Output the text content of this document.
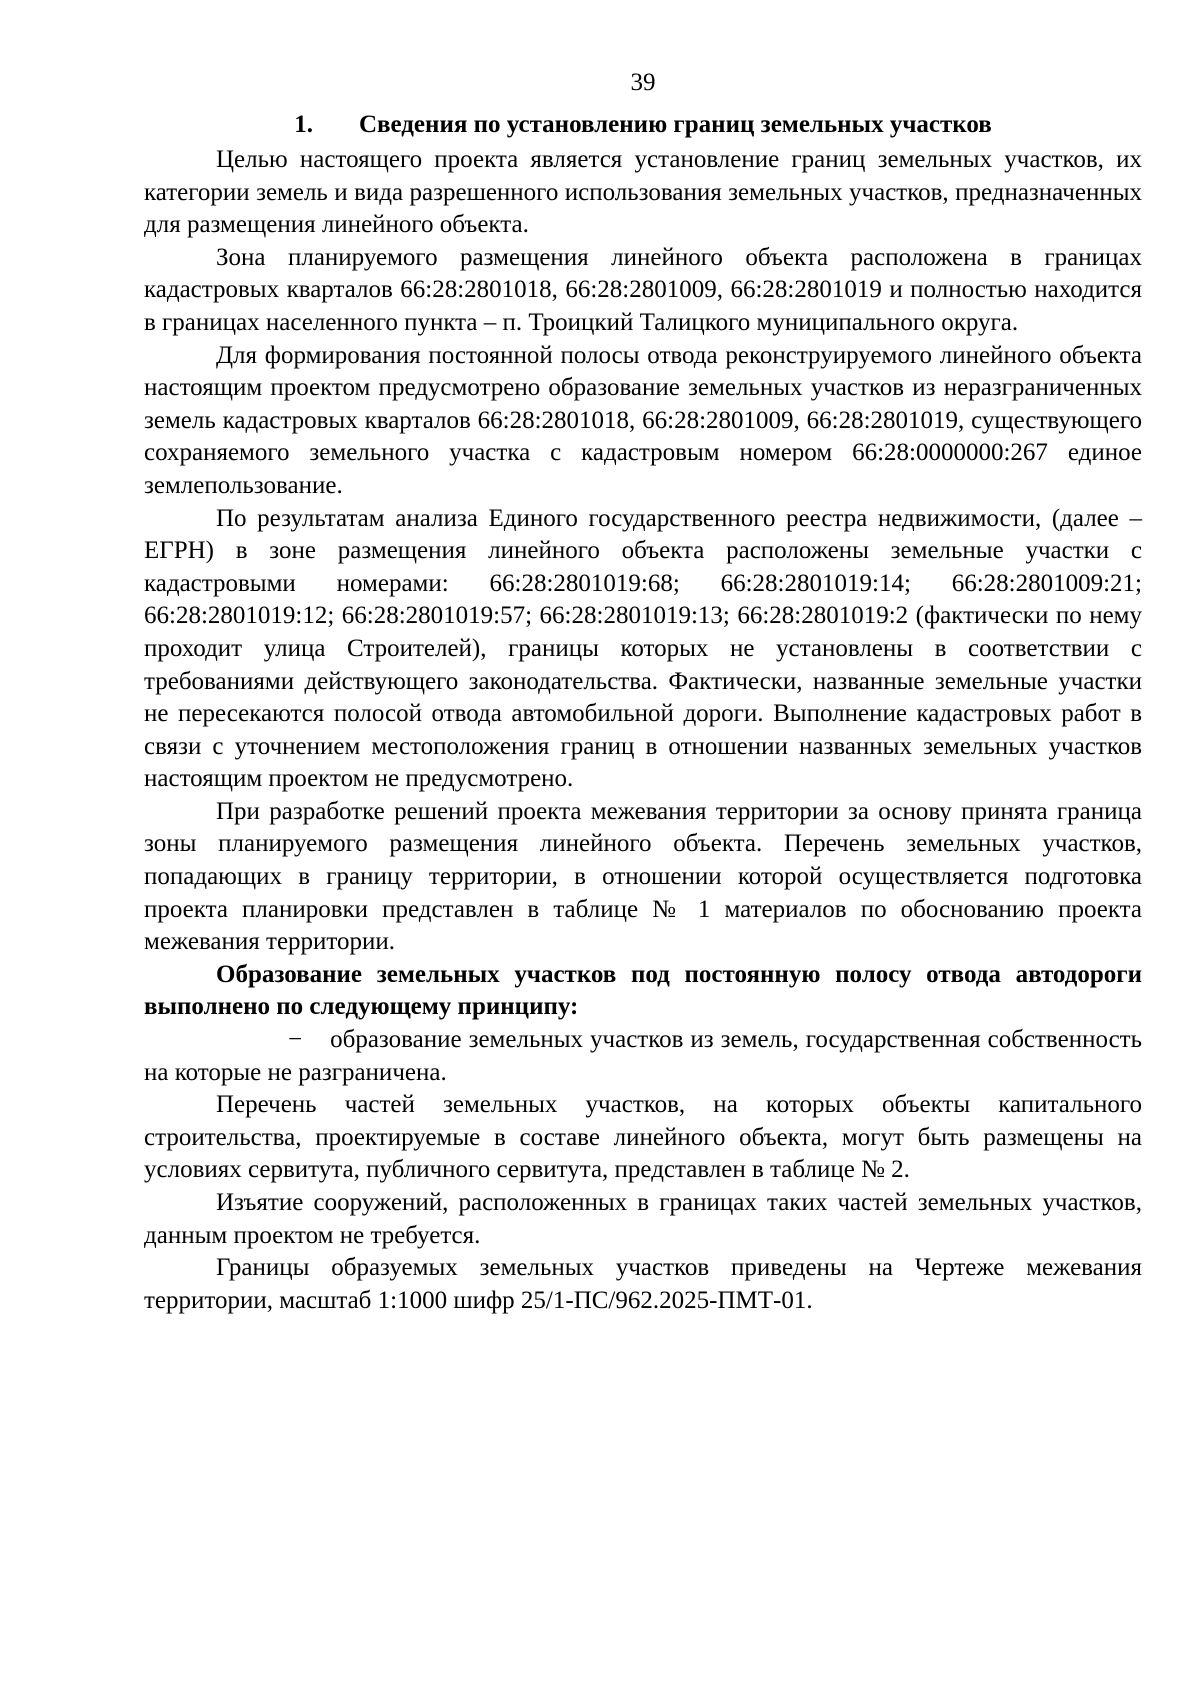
39
1. Сведения по установлению границ земельных участков

Целью настоящего проекта является установление границ земельных участков, их категории земель и вида разрешенного использования земельных участков, предназначенных для размещения линейного объекта.

Зона планируемого размещения линейного объекта расположена в границах кадастровых кварталов 66:28:2801018, 66:28:2801009, 66:28:2801019 и полностью находится в границах населенного пункта – п. Троицкий Талицкого муниципального округа.

Для формирования постоянной полосы отвода реконструируемого линейного объекта настоящим проектом предусмотрено образование земельных участков из неразграниченных земель кадастровых кварталов 66:28:2801018, 66:28:2801009, 66:28:2801019, существующего сохраняемого земельного участка с кадастровым номером 66:28:0000000:267 единое землепользование.

По результатам анализа Единого государственного реестра недвижимости, (далее – ЕГРН) в зоне размещения линейного объекта расположены земельные участки с кадастровыми номерами: 66:28:2801019:68; 66:28:2801019:14; 66:28:2801009:21; 66:28:2801019:12; 66:28:2801019:57; 66:28:2801019:13; 66:28:2801019:2 (фактически по нему проходит улица Строителей), границы которых не установлены в соответствии с требованиями действующего законодательства. Фактически, названные земельные участки не пересекаются полосой отвода автомобильной дороги. Выполнение кадастровых работ в связи с уточнением местоположения границ в отношении названных земельных участков настоящим проектом не предусмотрено.

При разработке решений проекта межевания территории за основу принята граница зоны планируемого размещения линейного объекта. Перечень земельных участков, попадающих в границу территории, в отношении которой осуществляется подготовка проекта планировки представлен в таблице № 1 материалов по обоснованию проекта межевания территории.

Образование земельных участков под постоянную полосу отвода автодороги выполнено по следующему принципу:

− образование земельных участков из земель, государственная собственность на которые не разграничена.

Перечень частей земельных участков, на которых объекты капитального строительства, проектируемые в составе линейного объекта, могут быть размещены на условиях сервитута, публичного сервитута, представлен в таблице № 2.

Изъятие сооружений, расположенных в границах таких частей земельных участков, данным проектом не требуется.

Границы образуемых земельных участков приведены на Чертеже межевания территории, масштаб 1:1000 шифр 25/1-ПС/962.2025-ПМТ-01.
